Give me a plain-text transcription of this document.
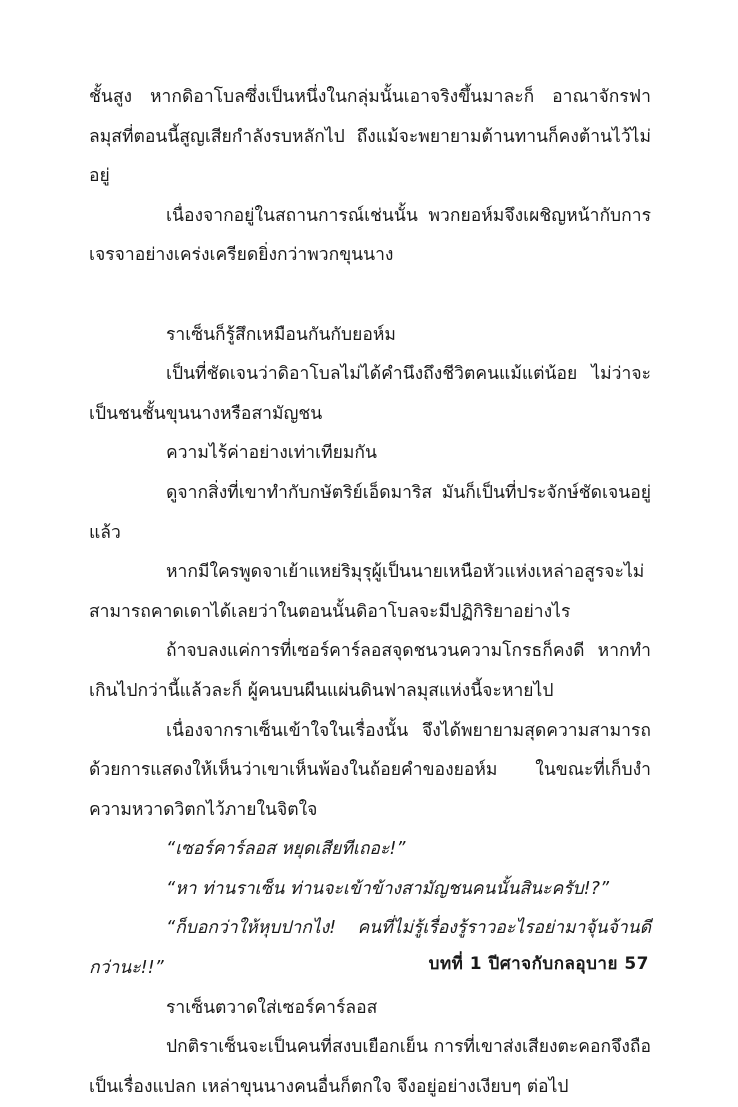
ชั้นสูง หากดิอาโบลซึ่งเป็นหนึ่งในกลุ่มนั้นเอาจริงขึ้นมาละก็ อาณาจักรฟาลมุสที่ตอนนี้สูญเสียกำลังรบหลักไป ถึงแม้จะพยายามต้านทานก็คงต้านไว้ไม่อยู่

เนื่องจากอยู่ในสถานการณ์เช่นนั้น พวกยอห์มจึงเผชิญหน้ากับการเจรจาอย่างเคร่งเครียดยิ่งกว่าพวกขุนนาง

ราเซ็นก็รู้สึกเหมือนกันกับยอห์ม

เป็นที่ชัดเจนว่าดิอาโบลไม่ได้คำนึงถึงชีวิตคนแม้แต่น้อย ไม่ว่าจะเป็นชนชั้นขุนนางหรือสามัญชน

ความไร้ค่าอย่างเท่าเทียมกัน

ดูจากสิ่งที่เขาทำกับกษัตริย์เอ็ดมาริส มันก็เป็นที่ประจักษ์ชัดเจนอยู่แล้ว

หากมีใครพูดจาเย้าแหย่ริมุรุผู้เป็นนายเหนือหัวแห่งเหล่าอสูรจะไม่สามารถคาดเดาได้เลยว่าในตอนนั้นดิอาโบลจะมีปฏิกิริยาอย่างไร

ถ้าจบลงแค่การที่เซอร์คาร์ลอสจุดชนวนความโกรธก็คงดี หากทำเกินไปกว่านี้แล้วละก็ ผู้คนบนผืนแผ่นดินฟาลมุสแห่งนี้จะหายไป

เนื่องจากราเซ็นเข้าใจในเรื่องนั้น จึงได้พยายามสุดความสามารถด้วยการแสดงให้เห็นว่าเขาเห็นพ้องในถ้อยคำของยอห์ม ในขณะที่เก็บงำความหวาดวิตกไว้ภายในจิตใจ

“เซอร์คาร์ลอส หยุดเสียทีเถอะ!”

“หา ท่านราเซ็น ท่านจะเข้าข้างสามัญชนคนนั้นสินะครับ!?”

“ก็บอกว่าให้หุบปากไง! คนที่ไม่รู้เรื่องรู้ราวอะไรอย่ามาจุ้นจ้านดีกว่านะ!!”

ราเซ็นตวาดใส่เซอร์คาร์ลอส

ปกติราเซ็นจะเป็นคนที่สงบเยือกเย็น การที่เขาส่งเสียงตะคอกจึงถือเป็นเรื่องแปลก เหล่าขุนนางคนอื่นก็ตกใจ จึงอยู่อย่างเงียบๆ ต่อไป

บทที่ 1 ปีศาจกับกลอุบาย 57
